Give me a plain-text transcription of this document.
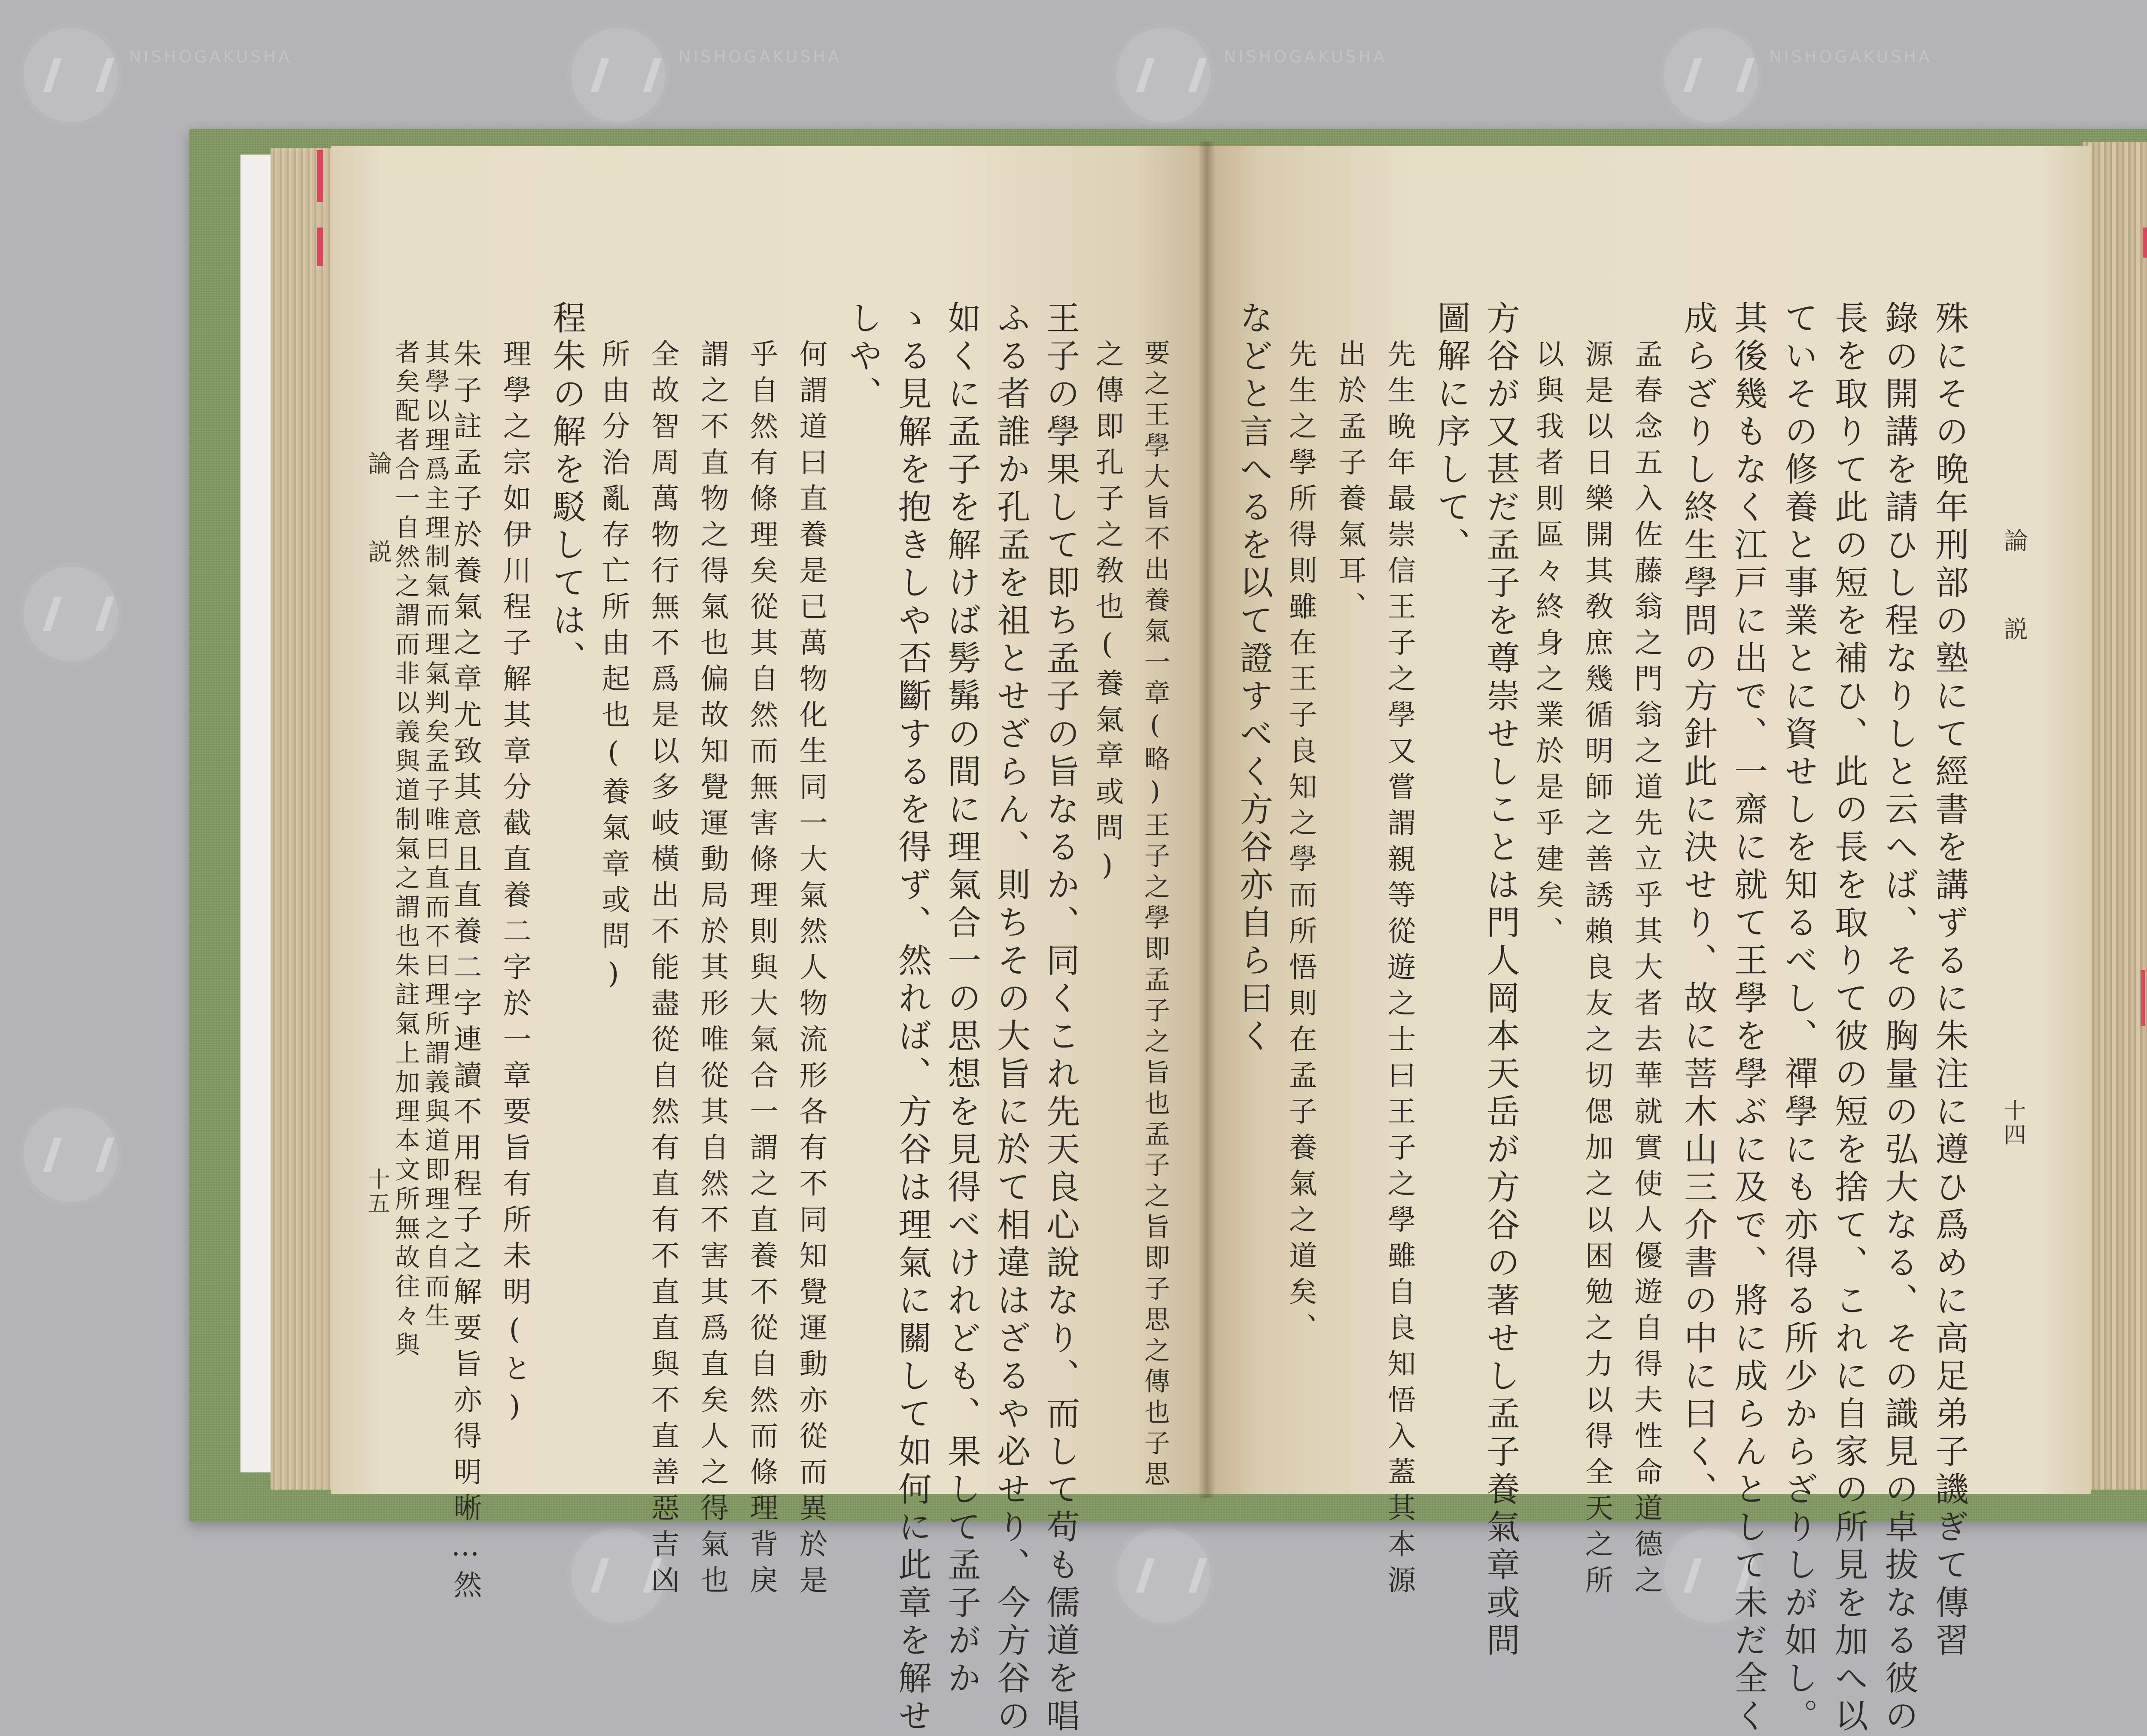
NISHOGAKUSHA	NISHOGAKUSHA	NISHOGAKUSHA	NISHOGAKUSHA
論説
十四
殊にその晩年刑部の塾にて經書を講ずるに朱注に遵ひ爲めに高足弟子譏ぎて傳習
錄の開講を請ひし程なりしと云へば、その胸量の弘大なる、その識見の卓拔なる彼の
長を取りて此の短を補ひ、此の長を取りて彼の短を捨て、これに自家の所見を加へ以
ていその修養と事業とに資せしを知るべし、禪學にも亦得る所少からざりしが如し。
其後幾もなく江戸に出で、一齋に就て王學を學ぶに及で、將に成らんとして未だ全く
成らざりし終生學問の方針此に決せり、故に菩木山三介書の中に曰く、
孟春念五入佐藤翁之門翁之道先立乎其大者去華就實使人優遊自得夫性命道德之
源是以日樂開其敎庶幾循明師之善誘賴良友之切偲加之以困勉之力以得全天之所
以與我者則區々終身之業於是乎建矣、
方谷が又甚だ孟子を尊崇せしことは門人岡本天岳が方谷の著せし孟子養氣章或問
圖解に序して、
先生晩年最崇信王子之學又嘗謂親等從遊之士曰王子之學雖自良知悟入蓋其本源
出於孟子養氣耳、
先生之學所得則雖在王子良知之學而所悟則在孟子養氣之道矣、
などと言へるを以て證すべく方谷亦自ら曰く
論説
十五	要之王學大旨不出養氣一章(略)王子之學即孟子之旨也孟子之旨即子思之傳也子思
之傳即孔子之敎也(養氣章或問)
王子の學果して即ち孟子の旨なるか、同くこれ先天良心說なり、而して苟も儒道を唱
ふる者誰か孔孟を祖とせざらん、則ちその大旨に於て相違はざるや必せり、今方谷の
如くに孟子を解けば髣髴の間に理氣合一の思想を見得べけれども、果して孟子がか
ゝる見解を抱きしや否斷するを得ず、然れば、方谷は理氣に關して如何に此章を解せ
しや、
何謂道曰直養是已萬物化生同一大氣然人物流形各有不同知覺運動亦從而異於是
乎自然有條理矣從其自然而無害條理則與大氣合一謂之直養不從自然而條理背戾
謂之不直物之得氣也偏故知覺運動局於其形唯從其自然不害其爲直矣人之得氣也
全故智周萬物行無不爲是以多岐橫出不能盡從自然有直有不直直與不直善惡吉凶
所由分治亂存亡所由起也(養氣章或問)
程朱の解を駁しては、
理學之宗如伊川程子解其章分截直養二字於一章要旨有所未明(と)
朱子註孟子於養氣之章尤致其意且直養二字連讀不用程子之解要旨亦得明晰…然
其學以理爲主理制氣而理氣判矣孟子唯曰直而不曰理所謂義與道即理之自而生
者矣配者合一自然之謂而非以義與道制氣之謂也朱註氣上加理本文所無故往々與
